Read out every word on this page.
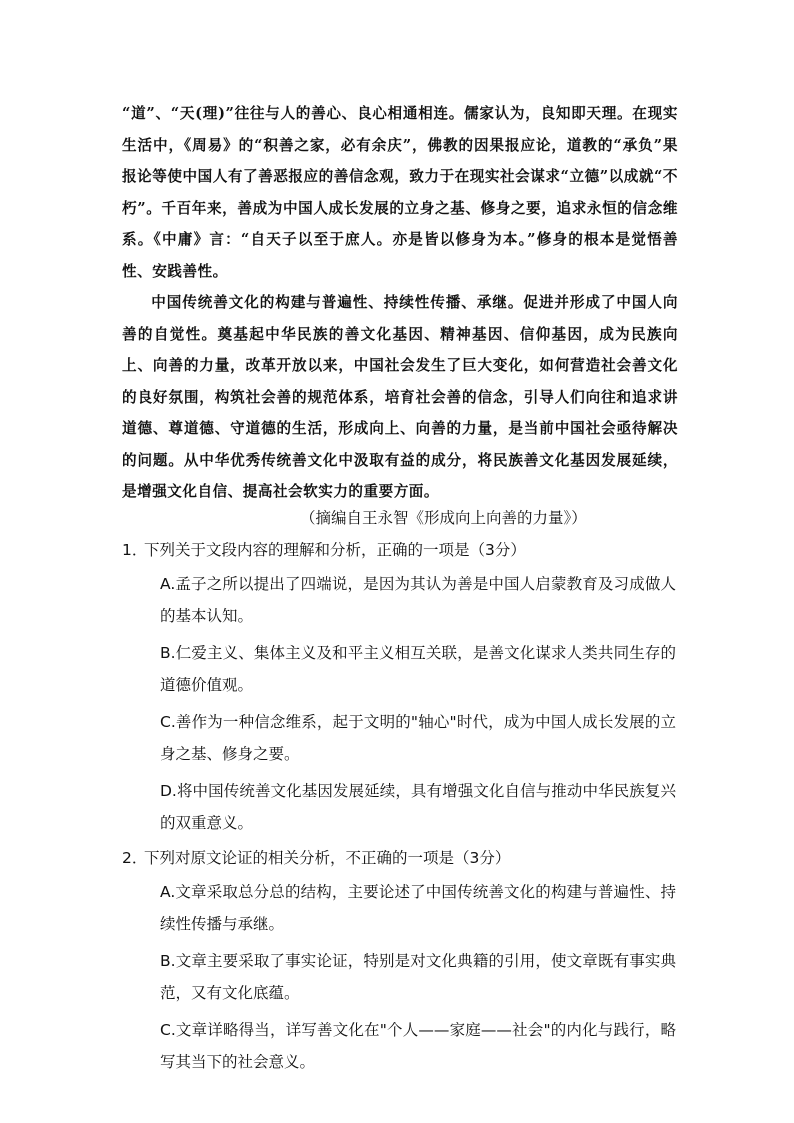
“道”、“天(理)”往往与人的善心、良心相通相连。儒家认为，良知即天理。在现实生活中，《周易》的“积善之家，必有余庆”，佛教的因果报应论，道教的“承负”果报论等使中国人有了善恶报应的善信念观，致力于在现实社会谋求“立德”以成就“不朽”。千百年来，善成为中国人成长发展的立身之基、修身之要，追求永恒的信念维系。《中庸》言：“自天子以至于庶人。亦是皆以修身为本。”修身的根本是觉悟善性、安践善性。

中国传统善文化的构建与普遍性、持续性传播、承继。促进并形成了中国人向善的自觉性。奠基起中华民族的善文化基因、精神基因、信仰基因，成为民族向上、向善的力量，改革开放以来，中国社会发生了巨大变化，如何营造社会善文化的良好氛围，构筑社会善的规范体系，培育社会善的信念，引导人们向往和追求讲道德、尊道德、守道德的生活，形成向上、向善的力量，是当前中国社会亟待解决的问题。从中华优秀传统善文化中汲取有益的成分，将民族善文化基因发展延续，是增强文化自信、提高社会软实力的重要方面。

（摘编自王永智《形成向上向善的力量》）
1．下列关于文段内容的理解和分析，正确的一项是（3分）
A.孟子之所以提出了四端说，是因为其认为善是中国人启蒙教育及习成做人的基本认知。
B.仁爱主义、集体主义及和平主义相互关联，是善文化谋求人类共同生存的道德价值观。
C.善作为一种信念维系，起于文明的"轴心"时代，成为中国人成长发展的立身之基、修身之要。
D.将中国传统善文化基因发展延续，具有增强文化自信与推动中华民族复兴的双重意义。
2．下列对原文论证的相关分析，不正确的一项是（3分）
A.文章采取总分总的结构，主要论述了中国传统善文化的构建与普遍性、持续性传播与承继。
B.文章主要采取了事实论证，特别是对文化典籍的引用，使文章既有事实典范，又有文化底蕴。
C.文章详略得当，详写善文化在"个人——家庭——社会"的内化与践行，略写其当下的社会意义。
